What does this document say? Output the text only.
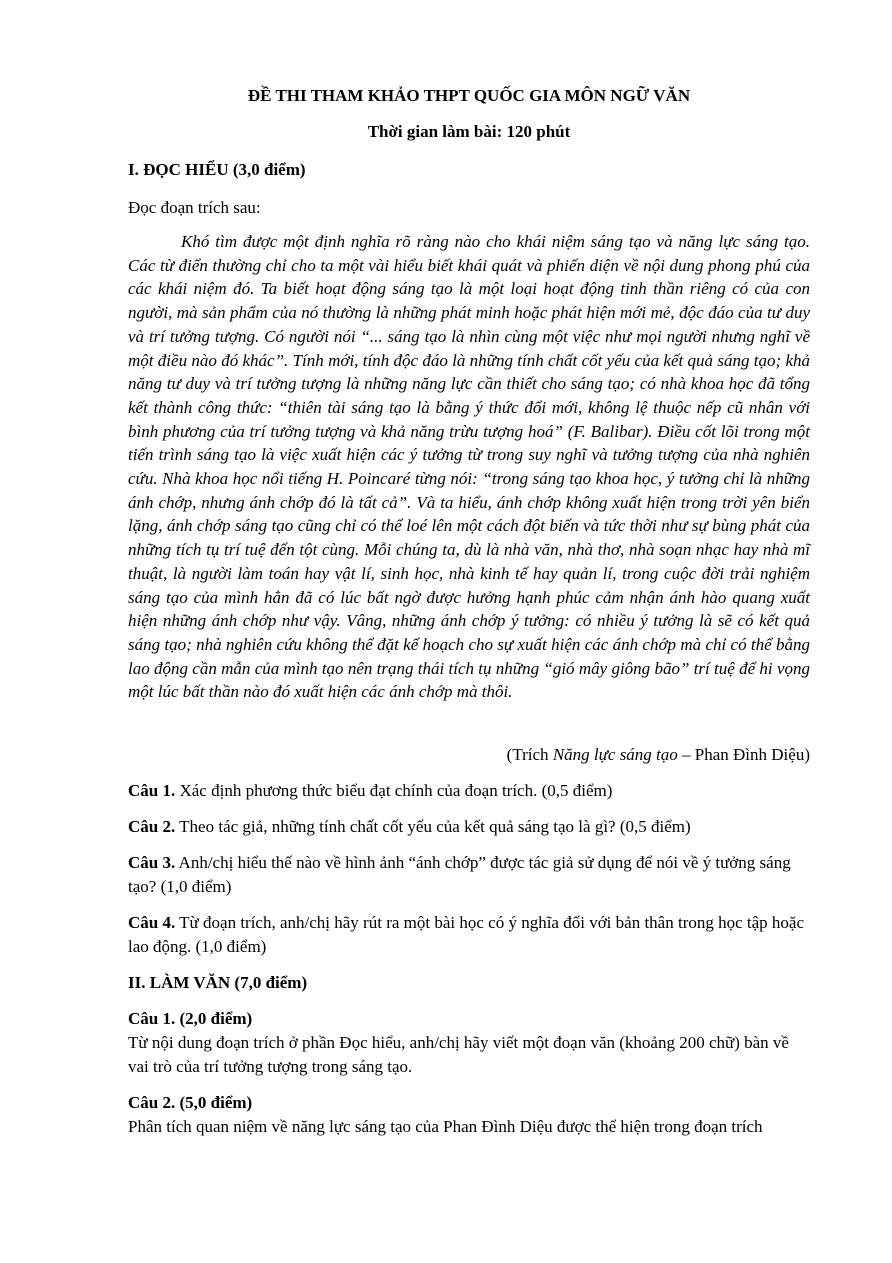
ĐỀ THI THAM KHẢO THPT QUỐC GIA MÔN NGỮ VĂN
Thời gian làm bài: 120 phút
I. ĐỌC HIỂU (3,0 điểm)
Đọc đoạn trích sau:
Khó tìm được một định nghĩa rõ ràng nào cho khái niệm sáng tạo và năng lực sáng tạo. Các từ điển thường chỉ cho ta một vài hiểu biết khái quát và phiến diện về nội dung phong phú của các khái niệm đó. Ta biết hoạt động sáng tạo là một loại hoạt động tinh thần riêng có của con người, mà sản phẩm của nó thường là những phát minh hoặc phát hiện mới mẻ, độc đáo của tư duy và trí tưởng tượng. Có người nói “... sáng tạo là nhìn cùng một việc như mọi người nhưng nghĩ về một điều nào đó khác”. Tính mới, tính độc đáo là những tính chất cốt yếu của kết quả sáng tạo; khả năng tư duy và trí tưởng tượng là những năng lực cần thiết cho sáng tạo; có nhà khoa học đã tổng kết thành công thức: “thiên tài sáng tạo là bằng ý thức đổi mới, không lệ thuộc nếp cũ nhân với bình phương của trí tưởng tượng và khả năng trừu tượng hoá” (F. Balibar). Điều cốt lõi trong một tiến trình sáng tạo là việc xuất hiện các ý tưởng từ trong suy nghĩ và tưởng tượng của nhà nghiên cứu. Nhà khoa học nổi tiếng H. Poincaré từng nói: “trong sáng tạo khoa học, ý tưởng chỉ là những ánh chớp, nhưng ánh chớp đó là tất cả”. Và ta hiểu, ánh chớp không xuất hiện trong trời yên biển lặng, ánh chớp sáng tạo cũng chỉ có thể loé lên một cách đột biến và tức thời như sự bùng phát của những tích tụ trí tuệ đến tột cùng. Mỗi chúng ta, dù là nhà văn, nhà thơ, nhà soạn nhạc hay nhà mĩ thuật, là người làm toán hay vật lí, sinh học, nhà kinh tế hay quản lí, trong cuộc đời trải nghiệm sáng tạo của mình hẳn đã có lúc bất ngờ được hưởng hạnh phúc cảm nhận ánh hào quang xuất hiện những ánh chớp như vậy. Vâng, những ánh chớp ý tưởng: có nhiều ý tưởng là sẽ có kết quả sáng tạo; nhà nghiên cứu không thể đặt kế hoạch cho sự xuất hiện các ánh chớp mà chỉ có thể bằng lao động cần mẫn của mình tạo nên trạng thái tích tụ những “gió mây giông bão” trí tuệ để hi vọng một lúc bất thần nào đó xuất hiện các ánh chớp mà thôi.
(Trích Năng lực sáng tạo – Phan Đình Diệu)
Câu 1. Xác định phương thức biểu đạt chính của đoạn trích. (0,5 điểm)
Câu 2. Theo tác giả, những tính chất cốt yếu của kết quả sáng tạo là gì? (0,5 điểm)
Câu 3. Anh/chị hiểu thế nào về hình ảnh “ánh chớp” được tác giả sử dụng để nói về ý tưởng sáng tạo? (1,0 điểm)
Câu 4. Từ đoạn trích, anh/chị hãy rút ra một bài học có ý nghĩa đối với bản thân trong học tập hoặc lao động. (1,0 điểm)
II. LÀM VĂN (7,0 điểm)
Câu 1. (2,0 điểm)
Từ nội dung đoạn trích ở phần Đọc hiểu, anh/chị hãy viết một đoạn văn (khoảng 200 chữ) bàn về vai trò của trí tưởng tượng trong sáng tạo.
Câu 2. (5,0 điểm)
Phân tích quan niệm về năng lực sáng tạo của Phan Đình Diệu được thể hiện trong đoạn trích
